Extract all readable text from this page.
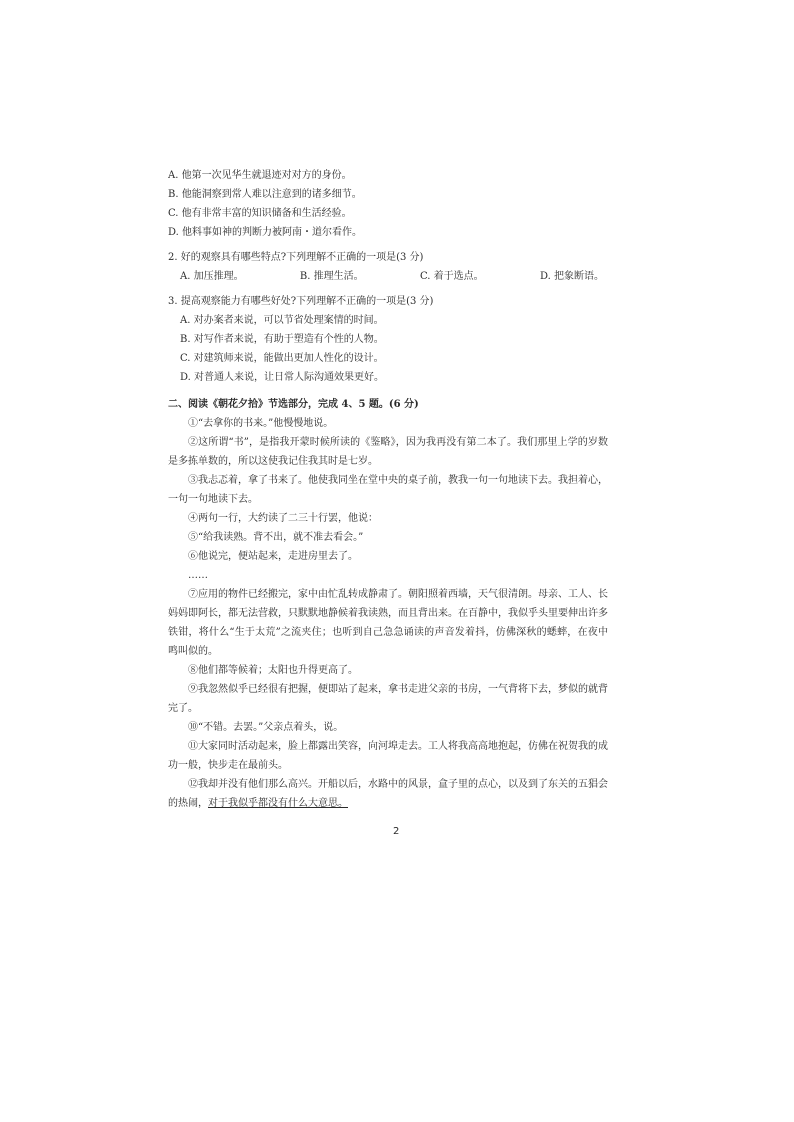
A. 他第一次见华生就退迹对对方的身份。
B. 他能洞察到常人难以注意到的诸多细节。
C. 他有非常丰富的知识储备和生活经验。
D. 他料事如神的判断力被阿南・道尔看作。
2. 好的观察具有哪些特点?下列理解不正确的一项是(3 分)
A. 加压推理。	B. 推理生活。	C. 着于选点。	D. 把象断语。
3. 提高观察能力有哪些好处?下列理解不正确的一项是(3 分)
A. 对办案者来说，可以节省处理案情的时间。
B. 对写作者来说，有助于塑造有个性的人物。
C. 对建筑师来说，能做出更加人性化的设计。
D. 对普通人来说，让日常人际沟通效果更好。
二、阅读《朝花夕拾》节选部分，完成 4、5 题。(6 分)
①“去拿你的书来。”他慢慢地说。
②这所谓“书”，是指我开蒙时候所读的《鉴略》，因为我再没有第二本了。我们那里上学的岁数是多拣单数的，所以这使我记住我其时是七岁。
③我忐忑着，拿了书来了。他使我同坐在堂中央的桌子前，教我一句一句地读下去。我担着心，一句一句地读下去。
④两句一行，大约读了二三十行罢，他说：
⑤“给我读熟。背不出，就不准去看会。”
⑥他说完，便站起来，走进房里去了。
……
⑦应用的物件已经搬完，家中由忙乱转成静肃了。朝阳照着西墙，天气很清朗。母亲、工人、长妈妈即阿长，都无法营救，只默默地静候着我读熟，而且背出来。在百静中，我似乎头里要伸出许多铁钳，将什么“生于太荒”之流夹住；也听到自己急急诵读的声音发着抖，仿佛深秋的蟋蟀，在夜中鸣叫似的。
⑧他们都等候着；太阳也升得更高了。
⑨我忽然似乎已经很有把握，便即站了起来，拿书走进父亲的书房，一气背将下去，梦似的就背完了。
⑩“不错。去罢。”父亲点着头，说。
⑪大家同时活动起来，脸上都露出笑容，向河埠走去。工人将我高高地抱起，仿佛在祝贺我的成功一般，快步走在最前头。
⑫我却并没有他们那么高兴。开船以后，水路中的风景，盒子里的点心，以及到了东关的五猖会的热闹，对于我似乎都没有什么大意思。
2
